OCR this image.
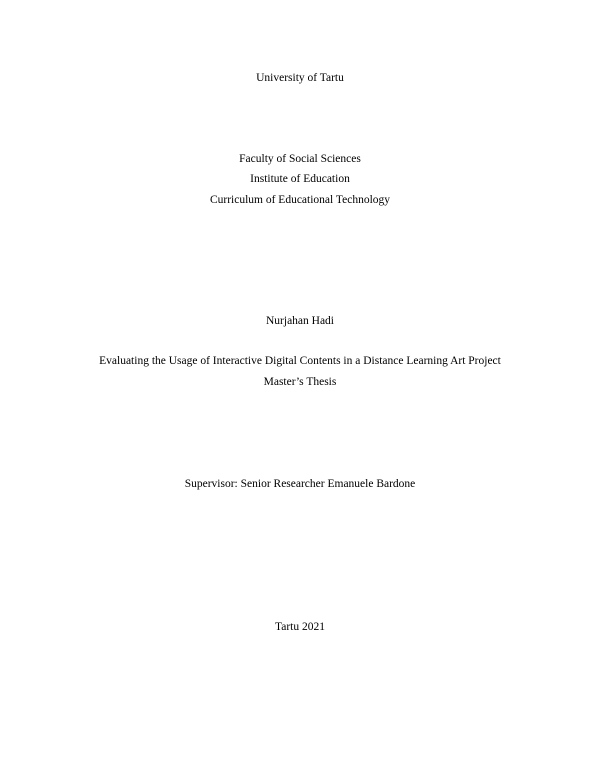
University of Tartu
Faculty of Social Sciences
Institute of Education
Curriculum of Educational Technology
Nurjahan Hadi
Evaluating the Usage of Interactive Digital Contents in a Distance Learning Art Project
Master’s Thesis
Supervisor: Senior Researcher Emanuele Bardone
Tartu 2021
